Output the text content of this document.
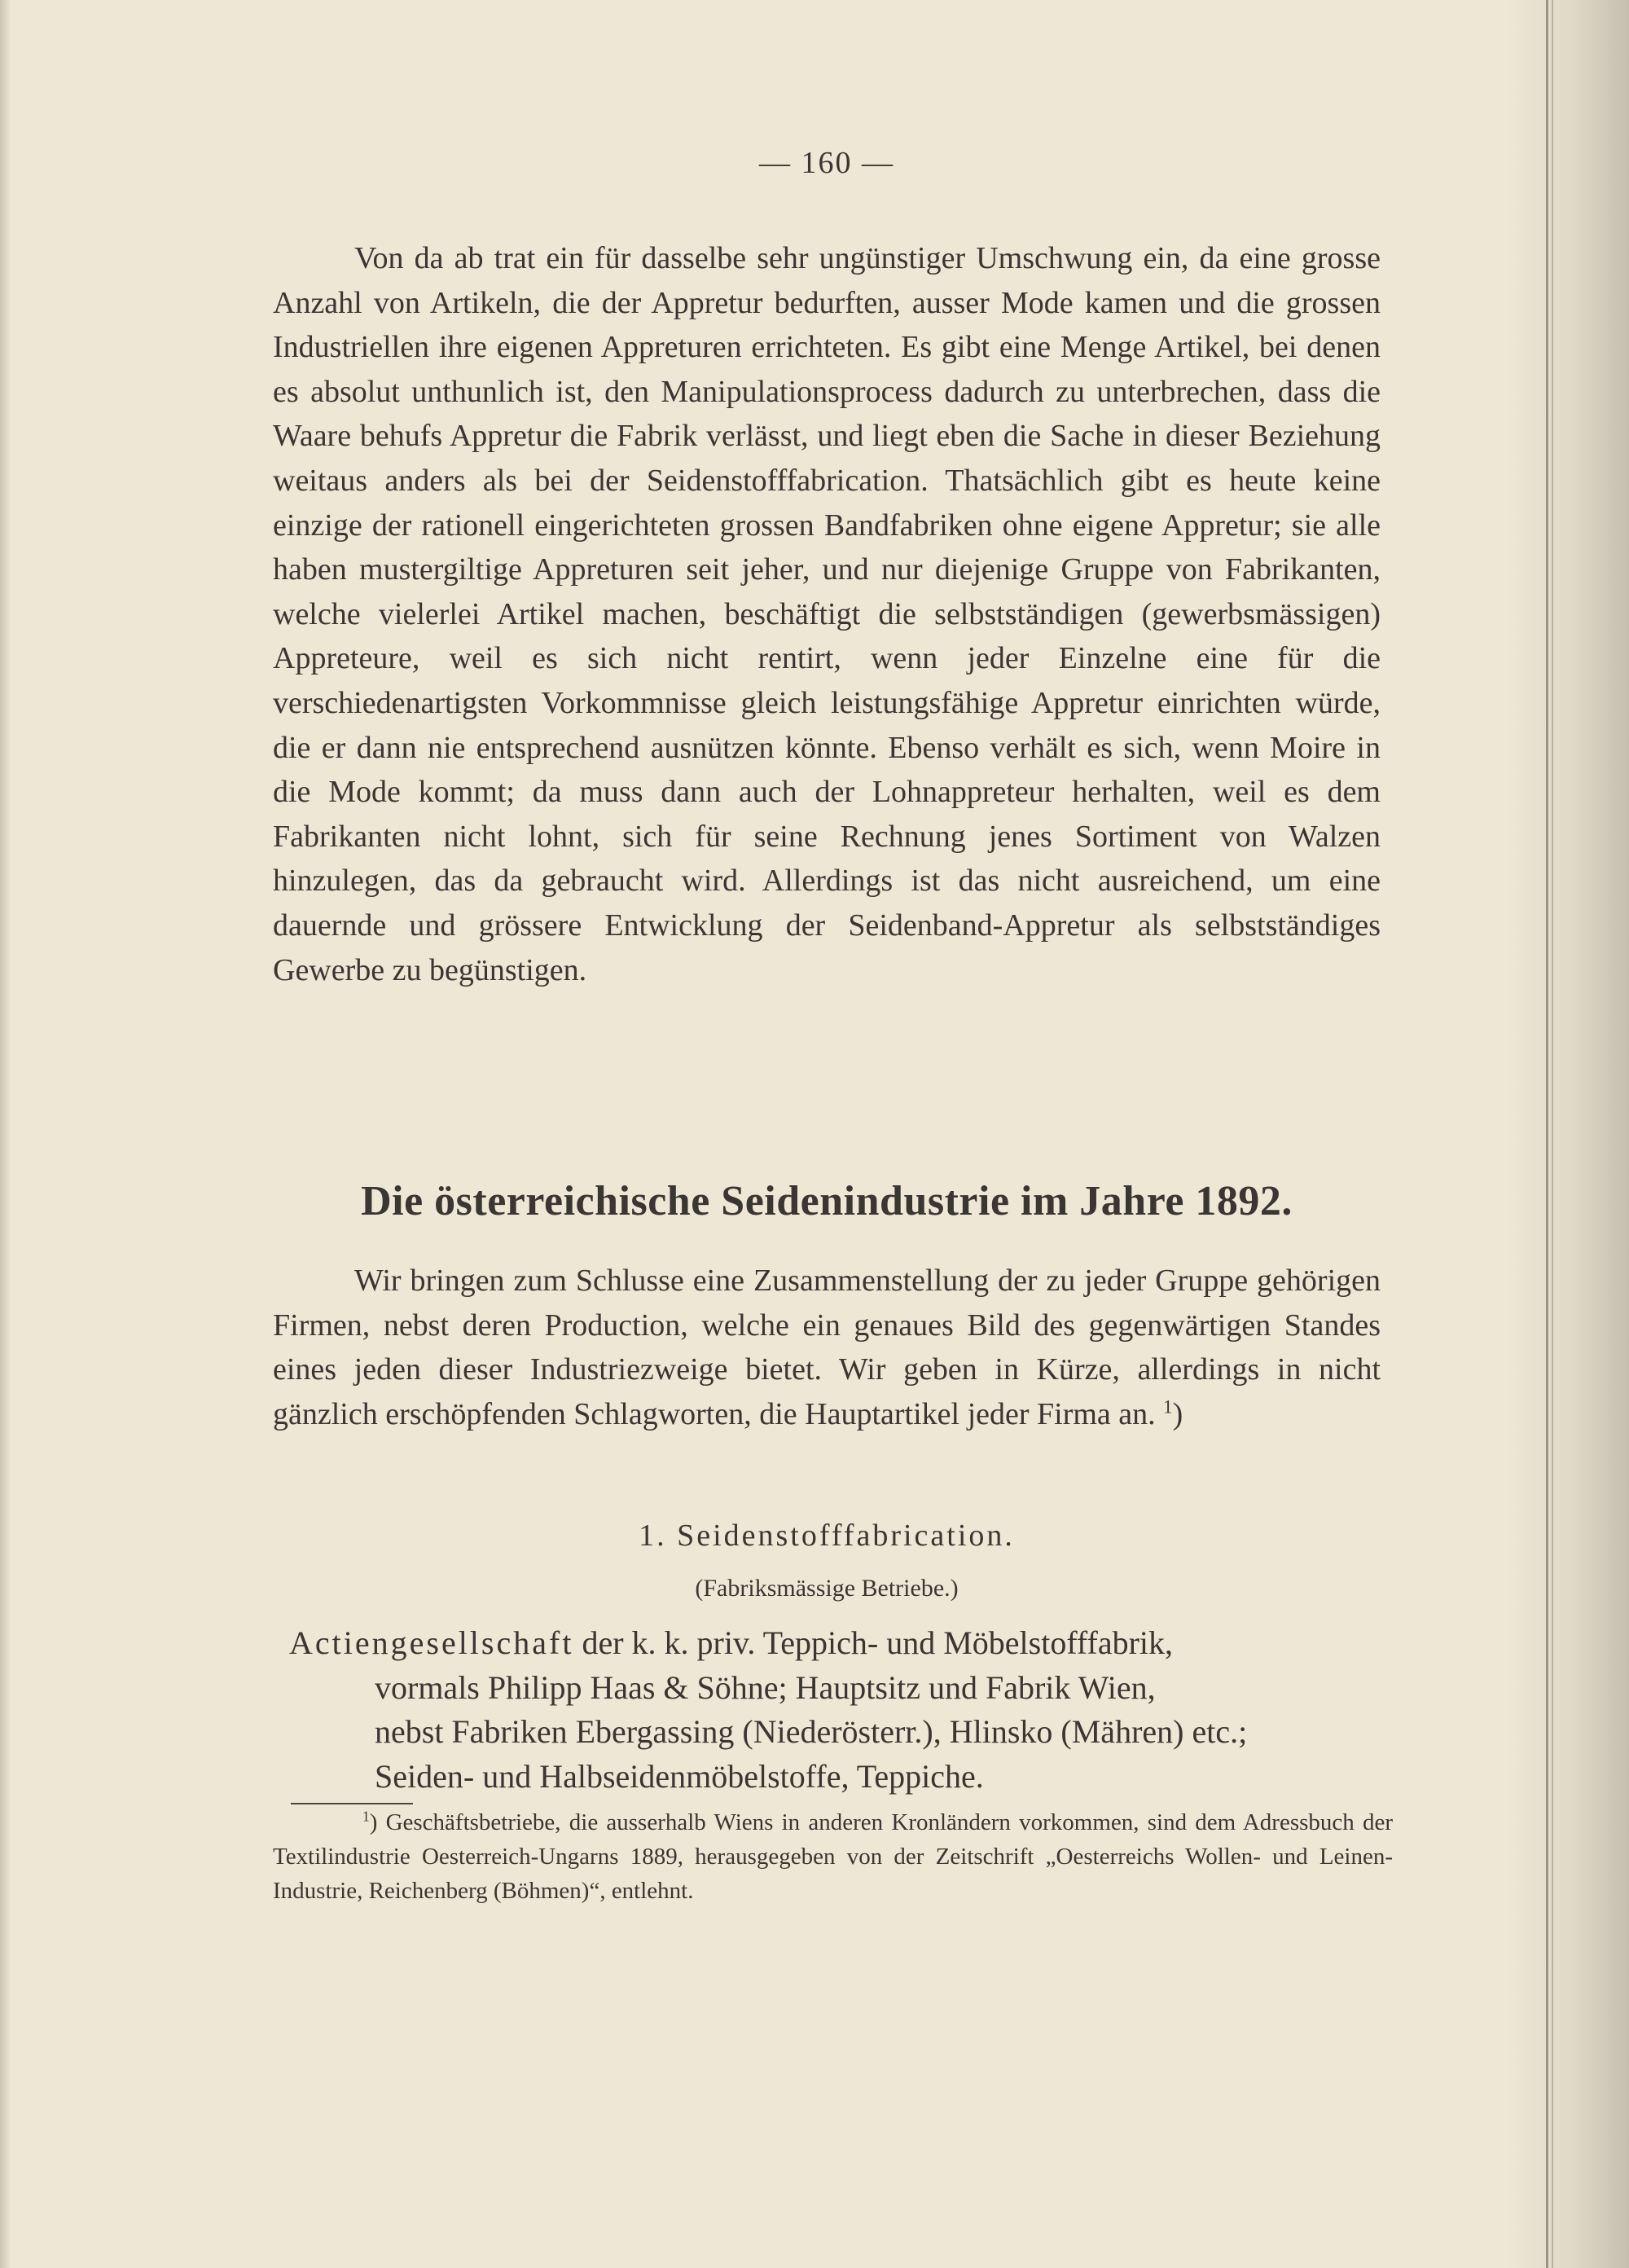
— 160 —

Von da ab trat ein für dasselbe sehr ungünstiger Umschwung ein, da eine grosse Anzahl von Artikeln, die der Appretur bedurften, ausser Mode kamen und die grossen Industriellen ihre eigenen Appreturen errichteten. Es gibt eine Menge Artikel, bei denen es absolut unthunlich ist, den Manipulationsprocess dadurch zu unterbrechen, dass die Waare behufs Appretur die Fabrik verlässt, und liegt eben die Sache in dieser Beziehung weitaus anders als bei der Seidenstofffabrication. Thatsächlich gibt es heute keine einzige der rationell eingerichteten grossen Bandfabriken ohne eigene Appretur; sie alle haben mustergiltige Appreturen seit jeher, und nur diejenige Gruppe von Fabrikanten, welche vielerlei Artikel machen, beschäftigt die selbstständigen (gewerbsmässigen) Appreteure, weil es sich nicht rentirt, wenn jeder Einzelne eine für die verschiedenartigsten Vorkommnisse gleich leistungsfähige Appretur einrichten würde, die er dann nie entsprechend ausnützen könnte. Ebenso verhält es sich, wenn Moire in die Mode kommt; da muss dann auch der Lohnappreteur herhalten, weil es dem Fabrikanten nicht lohnt, sich für seine Rechnung jenes Sortiment von Walzen hinzulegen, das da gebraucht wird. Allerdings ist das nicht ausreichend, um eine dauernde und grössere Entwicklung der Seidenband-Appretur als selbstständiges Gewerbe zu begünstigen.

Die österreichische Seidenindustrie im Jahre 1892.

Wir bringen zum Schlusse eine Zusammenstellung der zu jeder Gruppe gehörigen Firmen, nebst deren Production, welche ein genaues Bild des gegenwärtigen Standes eines jeden dieser Industriezweige bietet. Wir geben in Kürze, allerdings in nicht gänzlich erschöpfenden Schlagworten, die Hauptartikel jeder Firma an. $^1$)

1. Seidenstofffabrication.
(Fabriksmässige Betriebe.)

Actiengesellschaft der k. k. priv. Teppich- und Möbelstofffabrik,
vormals Philipp Haas & Söhne; Hauptsitz und Fabrik Wien,
nebst Fabriken Ebergassing (Niederösterr.), Hlinsko (Mähren) etc.;
Seiden- und Halbseidenmöbelstoffe, Teppiche.

$^1$) Geschäftsbetriebe, die ausserhalb Wiens in anderen Kronländern vorkommen, sind dem Adressbuch der Textilindustrie Oesterreich-Ungarns 1889, herausgegeben von der Zeitschrift „Oesterreichs Wollen- und Leinen-Industrie, Reichenberg (Böhmen)“, entlehnt.
